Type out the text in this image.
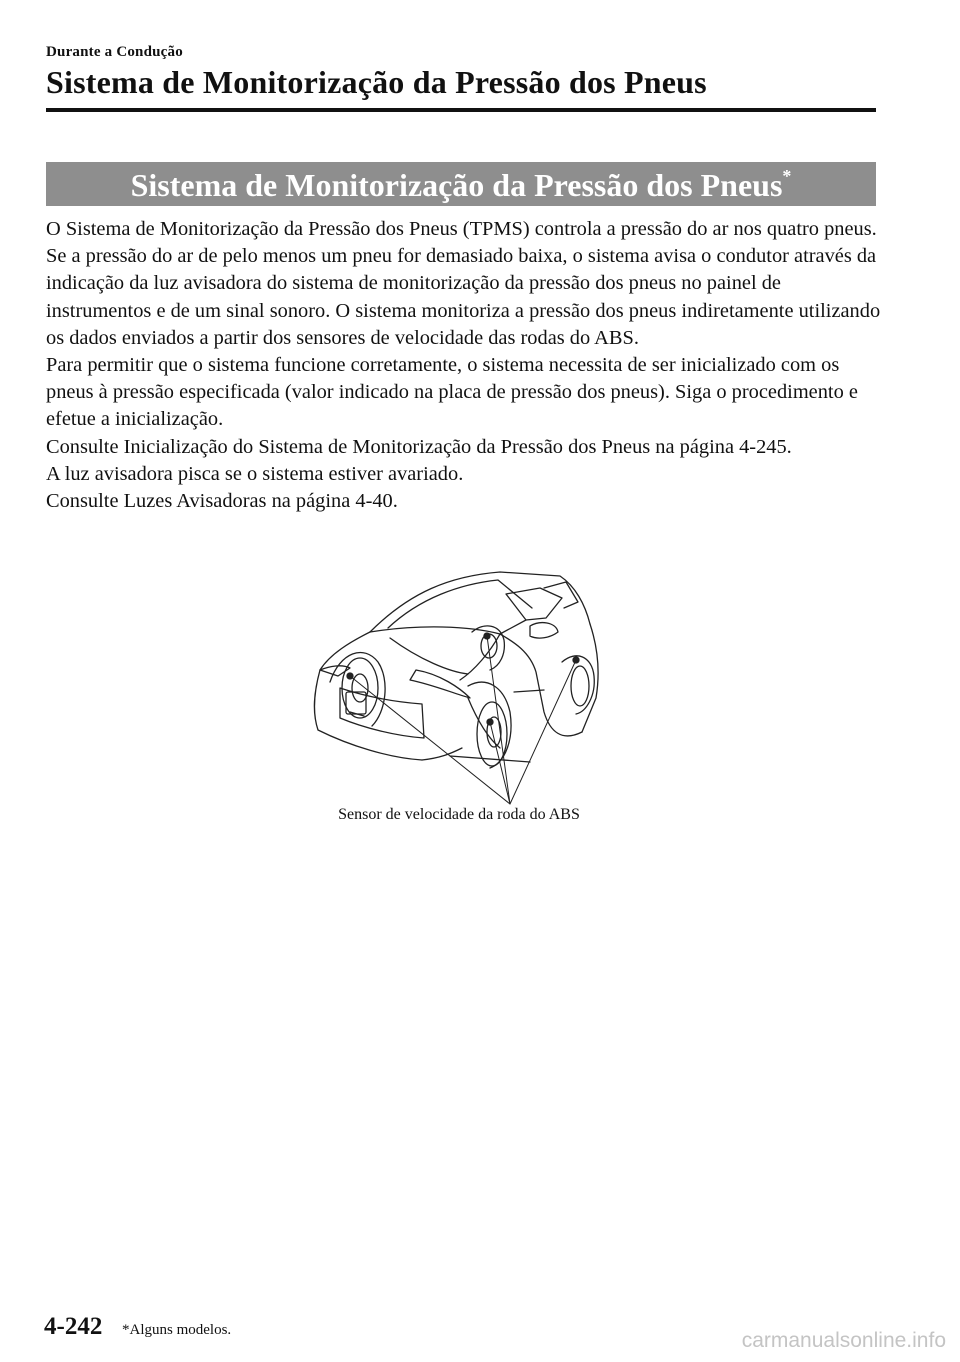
Durante a Condução
Sistema de Monitorização da Pressão dos Pneus
Sistema de Monitorização da Pressão dos Pneus*

O Sistema de Monitorização da Pressão dos Pneus (TPMS) controla a pressão do ar nos quatro pneus. Se a pressão do ar de pelo menos um pneu for demasiado baixa, o sistema avisa o condutor através da indicação da luz avisadora do sistema de monitorização da pressão dos pneus no painel de instrumentos e de um sinal sonoro. O sistema monitoriza a pressão dos pneus indiretamente utilizando os dados enviados a partir dos sensores de velocidade das rodas do ABS.

Para permitir que o sistema funcione corretamente, o sistema necessita de ser inicializado com os pneus à pressão especificada (valor indicado na placa de pressão dos pneus). Siga o procedimento e efetue a inicialização.

Consulte Inicialização do Sistema de Monitorização da Pressão dos Pneus na página 4-245.

A luz avisadora pisca se o sistema estiver avariado.

Consulte Luzes Avisadoras na página 4-40.

Sensor de velocidade da roda do ABS
4-242 *Alguns modelos.	carmanualsonline.info
